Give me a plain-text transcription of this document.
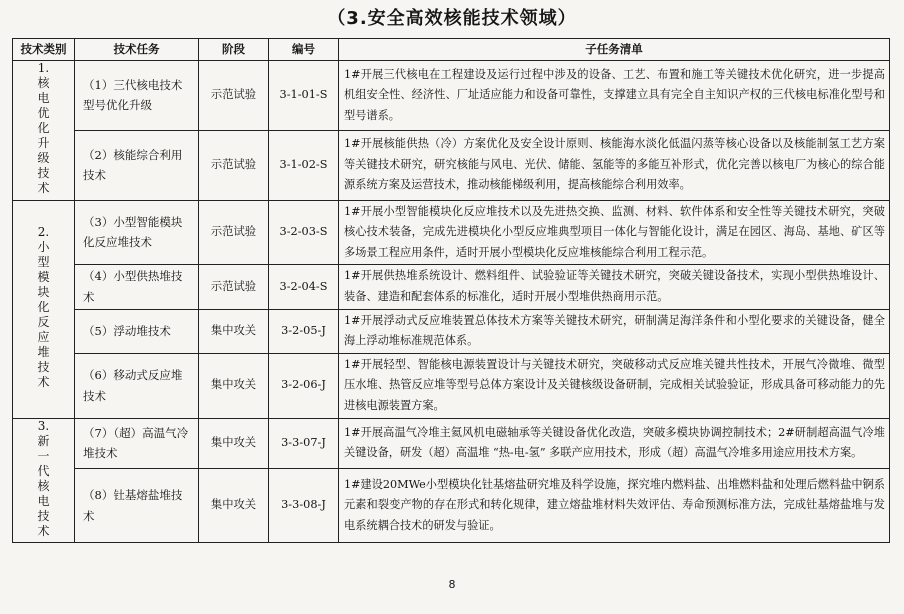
（3.安全高效核能技术领域）
技术类别	技术任务	阶段	编号	子任务清单
1.核电优化升级技术	（1）三代核电技术型号优化升级	示范试验	3-1-01-S	1#开展三代核电在工程建设及运行过程中涉及的设备、工艺、布置和施工等关键技术优化研究，进一步提高机组安全性、经济性、厂址适应能力和设备可靠性，支撑建立具有完全自主知识产权的三代核电标准化型号和型号谱系。
	（2）核能综合利用技术	示范试验	3-1-02-S	1#开展核能供热（冷）方案优化及安全设计原则、核能海水淡化低温闪蒸等核心设备以及核能制氢工艺方案等关键技术研究，研究核能与风电、光伏、储能、氢能等的多能互补形式，优化完善以核电厂为核心的综合能源系统方案及运营技术，推动核能梯级利用，提高核能综合利用效率。
2.小型模块化反应堆技术	（3）小型智能模块化反应堆技术	示范试验	3-2-03-S	1#开展小型智能模块化反应堆技术以及先进热交换、监测、材料、软件体系和安全性等关键技术研究，突破核心技术装备，完成先进模块化小型反应堆典型项目一体化与智能化设计，满足在园区、海岛、基地、矿区等多场景工程应用条件，适时开展小型模块化反应堆核能综合利用工程示范。
	（4）小型供热堆技术	示范试验	3-2-04-S	1#开展供热堆系统设计、燃料组件、试验验证等关键技术研究，突破关键设备技术，实现小型供热堆设计、装备、建造和配套体系的标准化，适时开展小型堆供热商用示范。
	（5）浮动堆技术	集中攻关	3-2-05-J	1#开展浮动式反应堆装置总体技术方案等关键技术研究，研制满足海洋条件和小型化要求的关键设备，健全海上浮动堆标准规范体系。
	（6）移动式反应堆技术	集中攻关	3-2-06-J	1#开展轻型、智能核电源装置设计与关键技术研究，突破移动式反应堆关键共性技术，开展气冷微堆、微型压水堆、热管反应堆等型号总体方案设计及关键核级设备研制，完成相关试验验证，形成具备可移动能力的先进核电源装置方案。
3.新一代核电技术	（7）（超）高温气冷堆技术	集中攻关	3-3-07-J	1#开展高温气冷堆主氦风机电磁轴承等关键设备优化改造，突破多模块协调控制技术；2#研制超高温气冷堆关键设备，研发（超）高温堆 “热-电-氢” 多联产应用技术，形成（超）高温气冷堆多用途应用技术方案。
	（8）钍基熔盐堆技术	集中攻关	3-3-08-J	1#建设20MWe小型模块化钍基熔盐研究堆及科学设施，探究堆内燃料盐、出堆燃料盐和处理后燃料盐中锕系元素和裂变产物的存在形式和转化规律，建立熔盐堆材料失效评估、寿命预测标准方法，完成钍基熔盐堆与发电系统耦合技术的研发与验证。
8
